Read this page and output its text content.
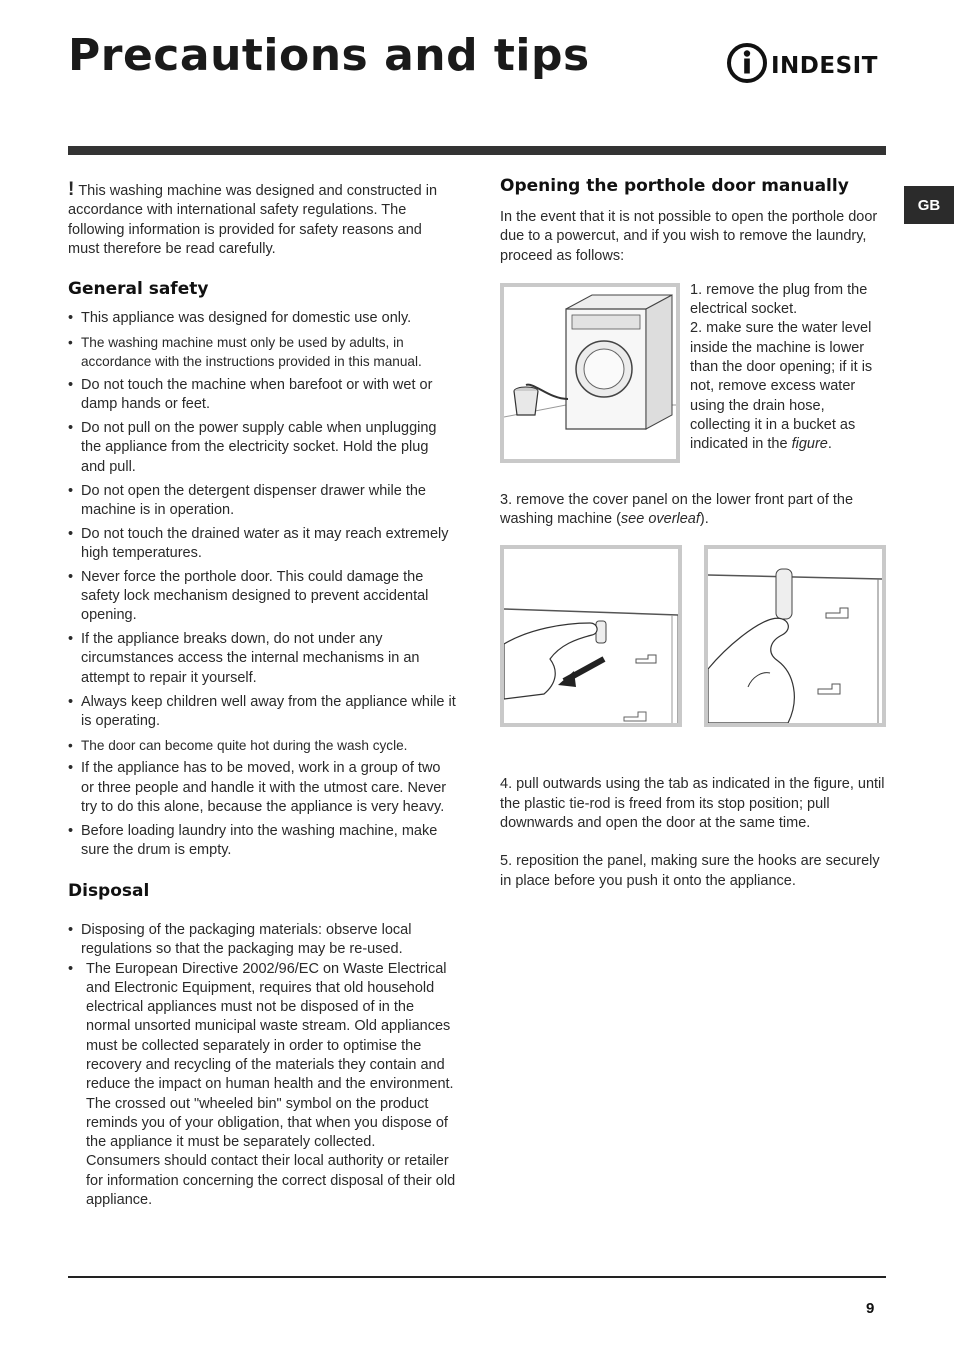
Precautions and tips	INDESIT
GB

! This washing machine was designed and constructed in accordance with international safety regulations. The following information is provided for safety reasons and must therefore be read carefully.

General safety
• This appliance was designed for domestic use only.
• The washing machine must only be used by adults, in accordance with the instructions provided in this manual.
• Do not touch the machine when barefoot or with wet or damp hands or feet.
• Do not pull on the power supply cable when unplugging the appliance from the electricity socket. Hold the plug and pull.
• Do not open the detergent dispenser drawer while the machine is in operation.
• Do not touch the drained water as it may reach extremely high temperatures.
• Never force the porthole door. This could damage the safety lock mechanism designed to prevent accidental opening.
• If the appliance breaks down, do not under any circumstances access the internal mechanisms in an attempt to repair it yourself.
• Always keep children well away from the appliance while it is operating.
• The door can become quite hot during the wash cycle.
• If the appliance has to be moved, work in a group of two or three people and handle it with the utmost care. Never try to do this alone, because the appliance is very heavy.
• Before loading laundry into the washing machine, make sure the drum is empty.
Disposal
• Disposing of the packaging materials: observe local regulations so that the packaging may be re-used.
• The European Directive 2002/96/EC on Waste Electrical and Electronic Equipment, requires that old household electrical appliances must not be disposed of in the normal unsorted municipal waste stream. Old appliances must be collected separately in order to optimise the recovery and recycling of the materials they contain and reduce the impact on human health and the environment. The crossed out "wheeled bin" symbol on the product reminds you of your obligation, that when you dispose of the appliance it must be separately collected.
Consumers should contact their local authority or retailer for information concerning the correct disposal of their old appliance.
Opening the porthole door manually

In the event that it is not possible to open the porthole door due to a powercut, and if you wish to remove the laundry, proceed as follows:

1. remove the plug from the electrical socket.

2. make sure the water level inside the machine is lower than the door opening; if it is not, remove excess water using the drain hose, collecting it in a bucket as indicated in the figure.

3. remove the cover panel on the lower front part of the washing machine (see overleaf).

4. pull outwards using the tab as indicated in the figure, until the plastic tie-rod is freed from its stop position; pull downwards and open the door at the same time.

5. reposition the panel, making sure the hooks are securely in place before you push it onto the appliance.

9
